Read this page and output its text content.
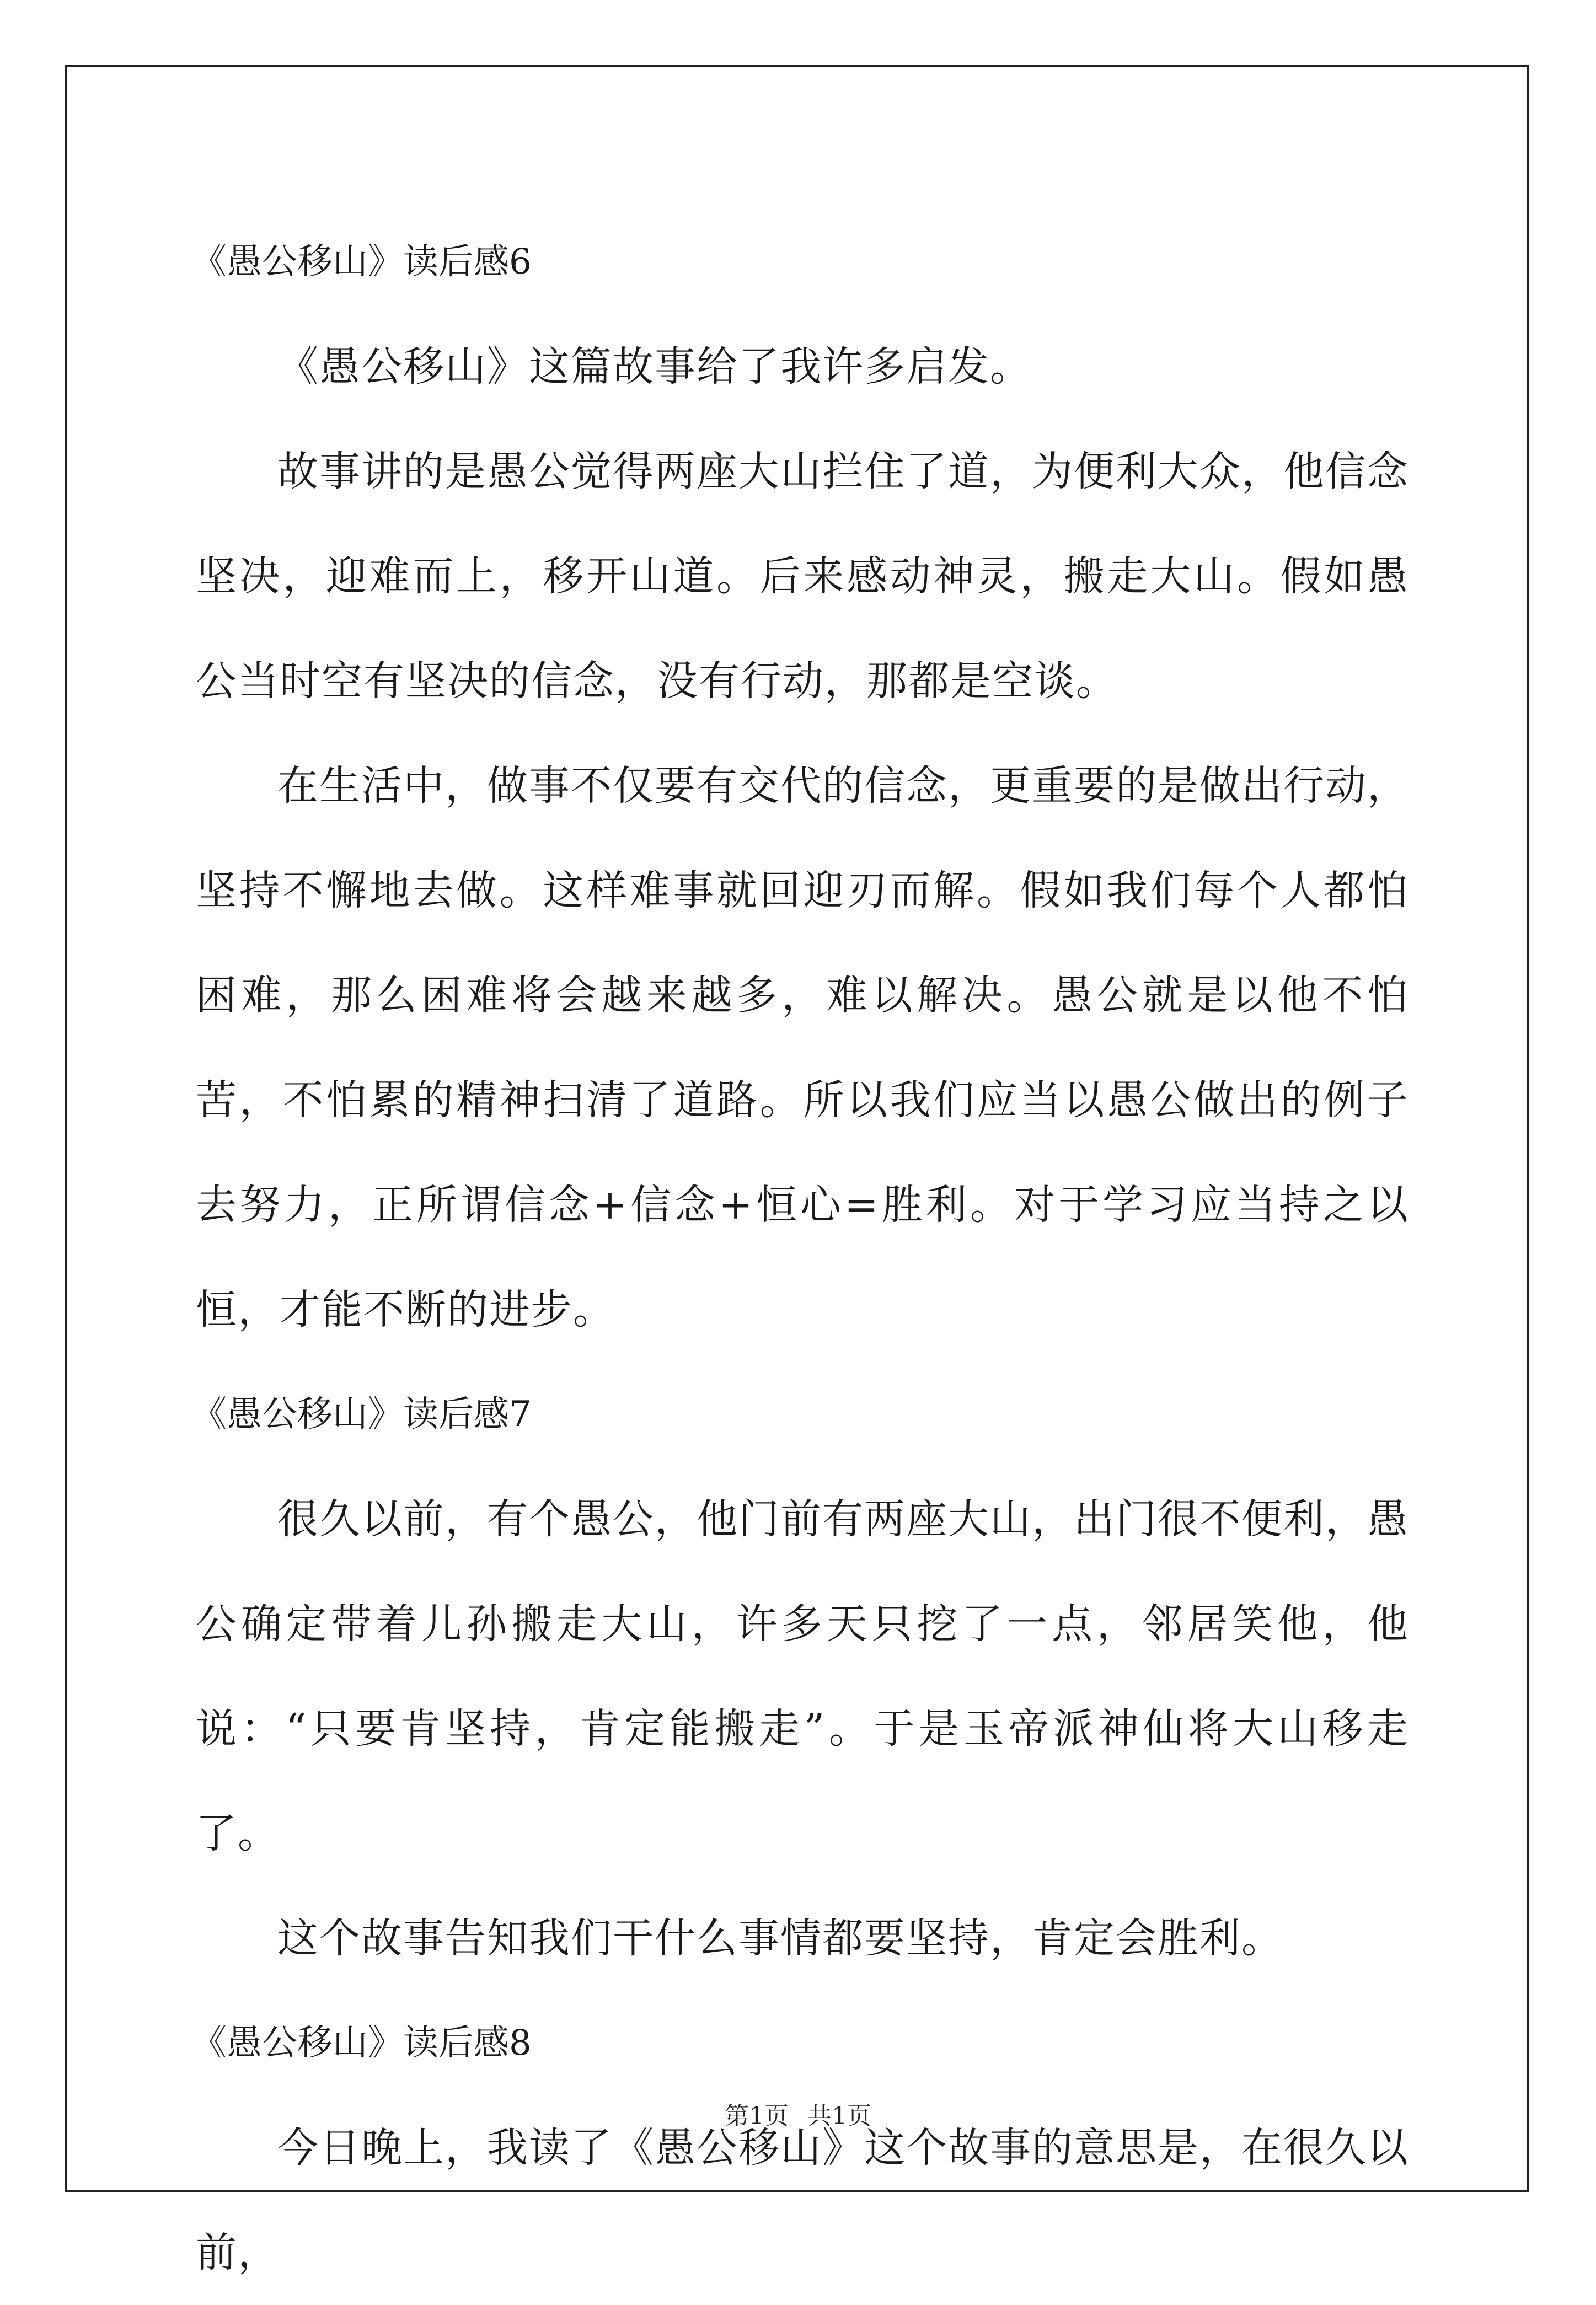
《愚公移山》读后感6

《愚公移山》这篇故事给了我许多启发。

故事讲的是愚公觉得两座大山拦住了道，为便利大众，他信念坚决，迎难而上，移开山道。后来感动神灵，搬走大山。假如愚公当时空有坚决的信念，没有行动，那都是空谈。

在生活中，做事不仅要有交代的信念，更重要的是做出行动，坚持不懈地去做。这样难事就回迎刃而解。假如我们每个人都怕困难，那么困难将会越来越多，难以解决。愚公就是以他不怕苦，不怕累的精神扫清了道路。所以我们应当以愚公做出的例子去努力，正所谓信念+信念+恒心=胜利。对于学习应当持之以恒，才能不断的进步。

《愚公移山》读后感7

很久以前，有个愚公，他门前有两座大山，出门很不便利，愚公确定带着儿孙搬走大山，许多天只挖了一点，邻居笑他，他说：“只要肯坚持，肯定能搬走”。于是玉帝派神仙将大山移走了。

这个故事告知我们干什么事情都要坚持，肯定会胜利。

《愚公移山》读后感8

今日晚上，我读了《愚公移山》这个故事的意思是，在很久以前，

第1页 共1页
